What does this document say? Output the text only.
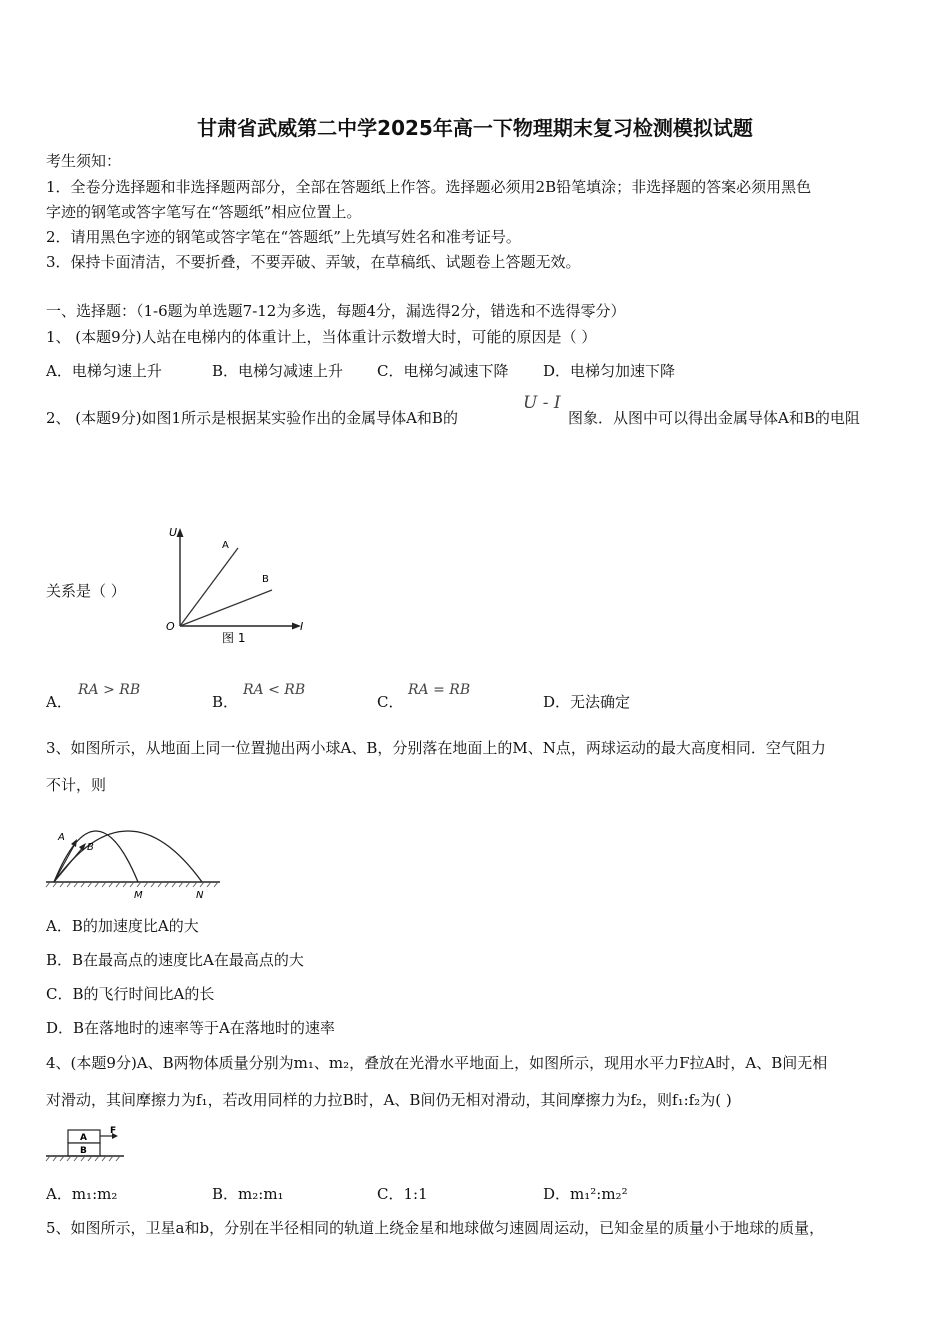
甘肃省武威第二中学2025年高一下物理期末复习检测模拟试题
考生须知：
1．全卷分选择题和非选择题两部分，全部在答题纸上作答。选择题必须用2B铅笔填涂；非选择题的答案必须用黑色
字迹的钢笔或答字笔写在“答题纸”相应位置上。
2．请用黑色字迹的钢笔或答字笔在“答题纸”上先填写姓名和准考证号。
3．保持卡面清洁，不要折叠，不要弄破、弄皱，在草稿纸、试题卷上答题无效。
一、选择题：（1-6题为单选题7-12为多选，每题4分，漏选得2分，错选和不选得零分）
1、 (本题9分)人站在电梯内的体重计上，当体重计示数增大时，可能的原因是（ ）
A．电梯匀速上升	B．电梯匀减速上升 C．电梯匀减速下降 D．电梯匀加速下降
2、 (本题9分)如图1所示是根据某实验作出的金属导体A和B的
U - I
图象．从图中可以得出金属导体A和B的电阻
关系是（ ）
U
I
O
A
B
图 1
A．
RA > RB
B．
RA < RB
C．
RA = RB
D．无法确定
3、如图所示，从地面上同一位置抛出两小球A、B，分别落在地面上的M、N点，两球运动的最大高度相同．空气阻力
不计，则
A
B
M	N
A．B的加速度比A的大
B．B在最高点的速度比A在最高点的大
C．B的飞行时间比A的长
D．B在落地时的速率等于A在落地时的速率
4、(本题9分)A、B两物体质量分别为m₁、m₂，叠放在光滑水平地面上，如图所示，现用水平力F拉A时，A、B间无相
对滑动，其间摩擦力为f₁，若改用同样的力拉B时，A、B间仍无相对滑动，其间摩擦力为f₂，则f₁:f₂为( )
A
B
F
A．m₁:m₂	B．m₂:m₁	C．1:1	D．m₁²:m₂²
5、如图所示，卫星a和b，分别在半径相同的轨道上绕金星和地球做匀速圆周运动，已知金星的质量小于地球的质量，
